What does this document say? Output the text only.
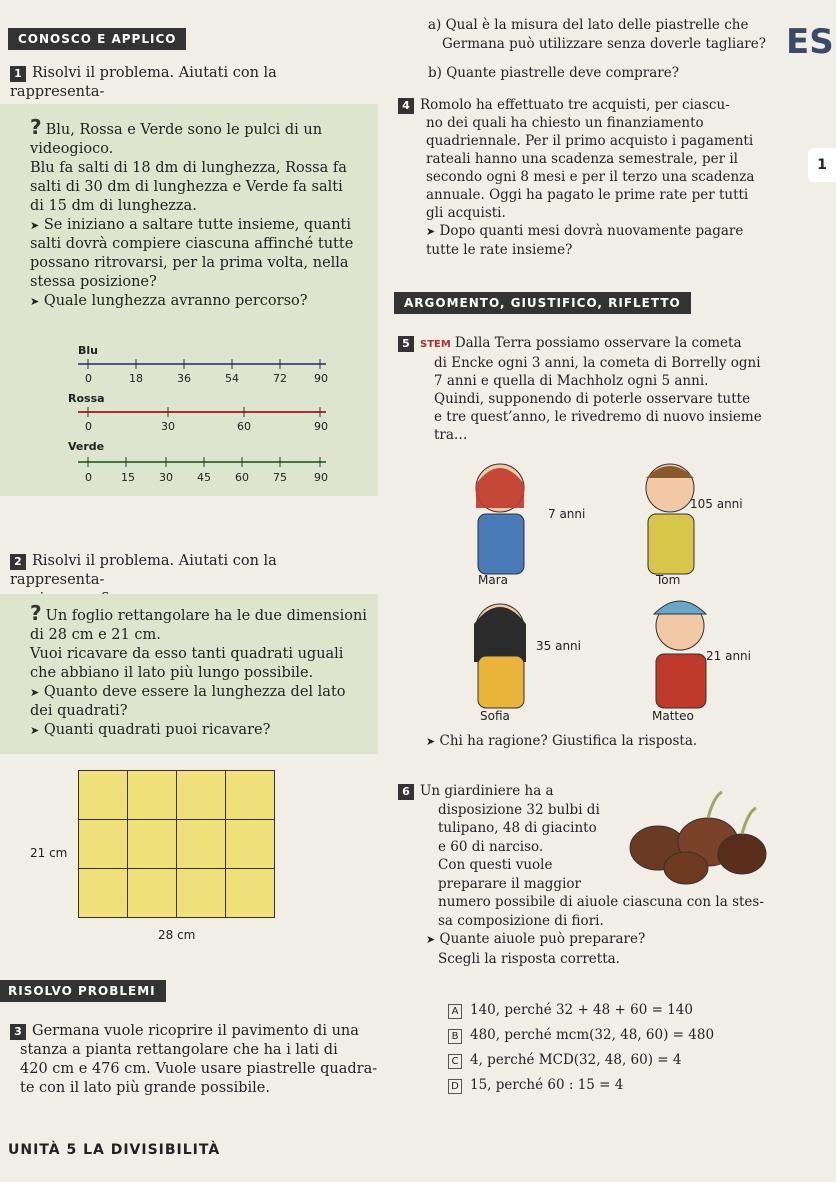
CONOSCO E APPLICO	ES
1 Risolvi il problema. Aiutati con la rappresenta-

? Blu, Rossa e Verde sono le pulci di un
videogioco.
Blu fa salti di 18 dm di lunghezza, Rossa fa
salti di 30 dm di lunghezza e Verde fa salti
di 15 dm di lunghezza.
➤ Se iniziano a saltare tutte insieme, quanti
salti dovrà compiere ciascuna affinché tutte
possano ritrovarsi, per la prima volta, nella
stessa posizione?
➤ Quale lunghezza avranno percorso?
Blu
0	18	36	54	72 90
Rossa
0	30	60	90
Verde
0	15 30 45 60 75 90
2 Risolvi il problema. Aiutati con la rappresenta-

? Un foglio rettangolare ha le due dimensioni
di 28 cm e 21 cm.
Vuoi ricavare da esso tanti quadrati uguali
che abbiano il lato più lungo possibile.
➤ Quanto deve essere la lunghezza del lato
dei quadrati?
➤ Quanti quadrati puoi ricavare?
21 cm
28 cm
RISOLVO PROBLEMI
3 Germana vuole ricoprire il pavimento di una
stanza a pianta rettangolare che ha i lati di
420 cm e 476 cm. Vuole usare piastrelle quadra-
te con il lato più grande possibile.
UNITÀ 5 LA DIVISIBILITÀ
a) Qual è la misura del lato delle piastrelle che
Germana può utilizzare senza doverle tagliare?

b) Quante piastrelle deve comprare?
4 Romolo ha effettuato tre acquisti, per ciascu-
no dei quali ha chiesto un finanziamento
quadriennale. Per il primo acquisto i pagamenti
rateali hanno una scadenza semestrale, per il
secondo ogni 8 mesi e per il terzo una scadenza
annuale. Oggi ha pagato le prime rate per tutti
gli acquisti.
➤ Dopo quanti mesi dovrà nuovamente pagare
tutte le rate insieme?
ARGOMENTO, GIUSTIFICO, RIFLETTO
5 STEM Dalla Terra possiamo osservare la cometa
di Encke ogni 3 anni, la cometa di Borrelly ogni
7 anni e quella di Machholz ogni 5 anni.
Quindi, supponendo di poterle osservare tutte
e tre quest’anno, le rivedremo di nuovo insieme
tra…
7 anni
105 anni
35 anni
21 anni
Mara	Tom
Sofia	Matteo
➤ Chi ha ragione? Giustifica la risposta.
6 Un giardiniere ha a
disposizione 32 bulbi di
tulipano, 48 di giacinto
e 60 di narciso.
Con questi vuole
preparare il maggior
numero possibile di aiuole ciascuna con la stes-
sa composizione di fiori.
➤ Quante aiuole può preparare?
Scegli la risposta corretta.
A 140, perché 32 + 48 + 60 = 140
B 480, perché mcm(32, 48, 60) = 480
C 4, perché MCD(32, 48, 60) = 4
D 15, perché 60 : 15 = 4
1
